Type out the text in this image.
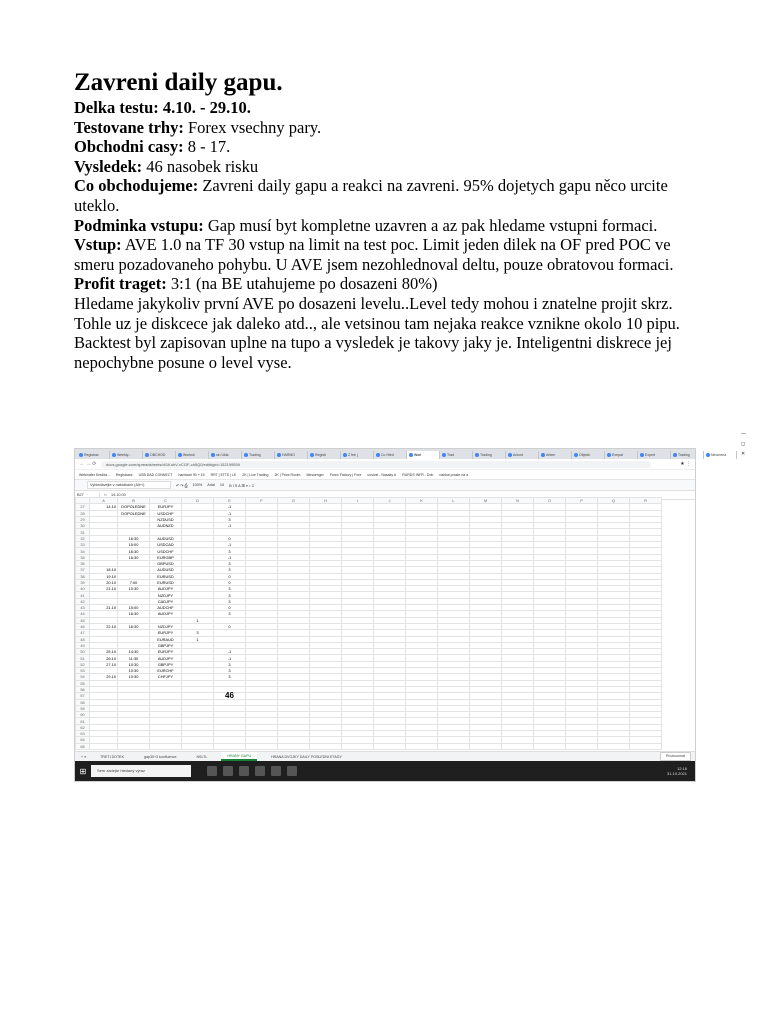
Zavreni daily gapu.

Delka testu: 4.10. - 29.10.

Testovane trhy: Forex vsechny pary.

Obchodni casy: 8 - 17.

Vysledek: 46 nasobek risku

Co obchodujeme: Zavreni daily gapu a reakci na zavreni. 95% dojetych gapu něco urcite uteklo.

Podminka vstupu: Gap musí byt kompletne uzavren a az pak hledame vstupni formaci.

Vstup: AVE 1.0 na TF 30 vstup na limit na test poc. Limit jeden dilek na OF pred POC ve smeru pozadovaneho pohybu. U AVE jsem nezohlednoval deltu, pouze obratovou formaci.

Profit traget: 3:1 (na BE utahujeme po dosazeni 80%)

Hledame jakykoliv první AVE po dosazeni levelu..Level tedy mohou i znatelne projit skrz. Tohle uz je diskcece jak daleko atd.., ale vetsinou tam nejaka reakce vznikne okolo 10 pipu.

Backtest byl zapisovan uplne na tupo a vysledek je takovy jaky je. Inteligentni diskrece jej nepochybne posune o level vyse.

Registrac	Weekly...	OBCHOD	Worksh	sin Ukla	Trading	HARMO	Registr	Z fee j	Co Hled	Worl	Trad	Trading	Ankort	Artem	Objedn	Exepat	Expert	Trading	Neomena
— ◻ ✕
← → ⟳	docs.google.com/spreadsheets/d/1KuhV-xCGF-ch5Q0/edit#gid=152199559	★ ⋮
Webinafer Kredita... Registrace USB DAD CONNECT hardwair 90 + 15 RRT | 5TTS | LK 2K | Live Trading 2K | Price Roxim Messenger Forex Factory | Fore uuvivel - Nasaky A RURDS INFR - Dob nakkut proste na a
Vyhledávejte v nabídkách (Alt+/)	↶ ↷ ⎙ 100% Arial 10 B I S A ⊞ ≡ ↕ Σ
B27	fx	14.10.00
	A	B	C	D	E	F	G	H	I	J	K	L	M	N	O	P	Q	R
27	14.10	DOPOLEDNE	EURJPY		-1													
28		DOPOLEDNE	USDCHF		-1													
29			NZDUSD		3													
30			AUDNZD		-1													
31																		
32		16:30	AUDUSD		0													
33		15:00	USDCAD		-1													
34		16:30	USDCHF		3													
35		16:30	EURGBP		-1													
36			GBPUSD		3													
37	18.10		AUDUSD		3													
38	19.10		EURUSD		0													
39	20.10	7:00	EURUSD		0													
40	21.10	10:30	AUDJPY		3													
41			NZDJPY		3													
42			CADJPY		3													
43	21.10	15:00	AUDCHF		0													
44		16:30	AUDJPY		3													
45				1														
46	22.10	16:30	NZDJPY		0													
47			EURJPY	3														
48			EURAUD	1														
49			GBPJPY															
50	25.10	14:30	EURJPY		-1													
51	26.10	11:30	AUDJPY		-1													
52	27.10	10:30	GBPJPY		3													
53		10:30	EURCHF		3													
54	29.10	10:30	CHFJPY		3													
55																		
56																		
57					46													
58																		
59																		
60																		
61																		
62																		
63																		
64																		
65																		
+ ≡	TRETI DOTEK	gap30+3 konfluence	NSLTL	HRANY GAPU	HRANA DVOJKY DAILY POSLEDNI ETAGY	Prozkoumat
⊞	Sem zadejte hledaný výraz	12:16
31.10.2021
